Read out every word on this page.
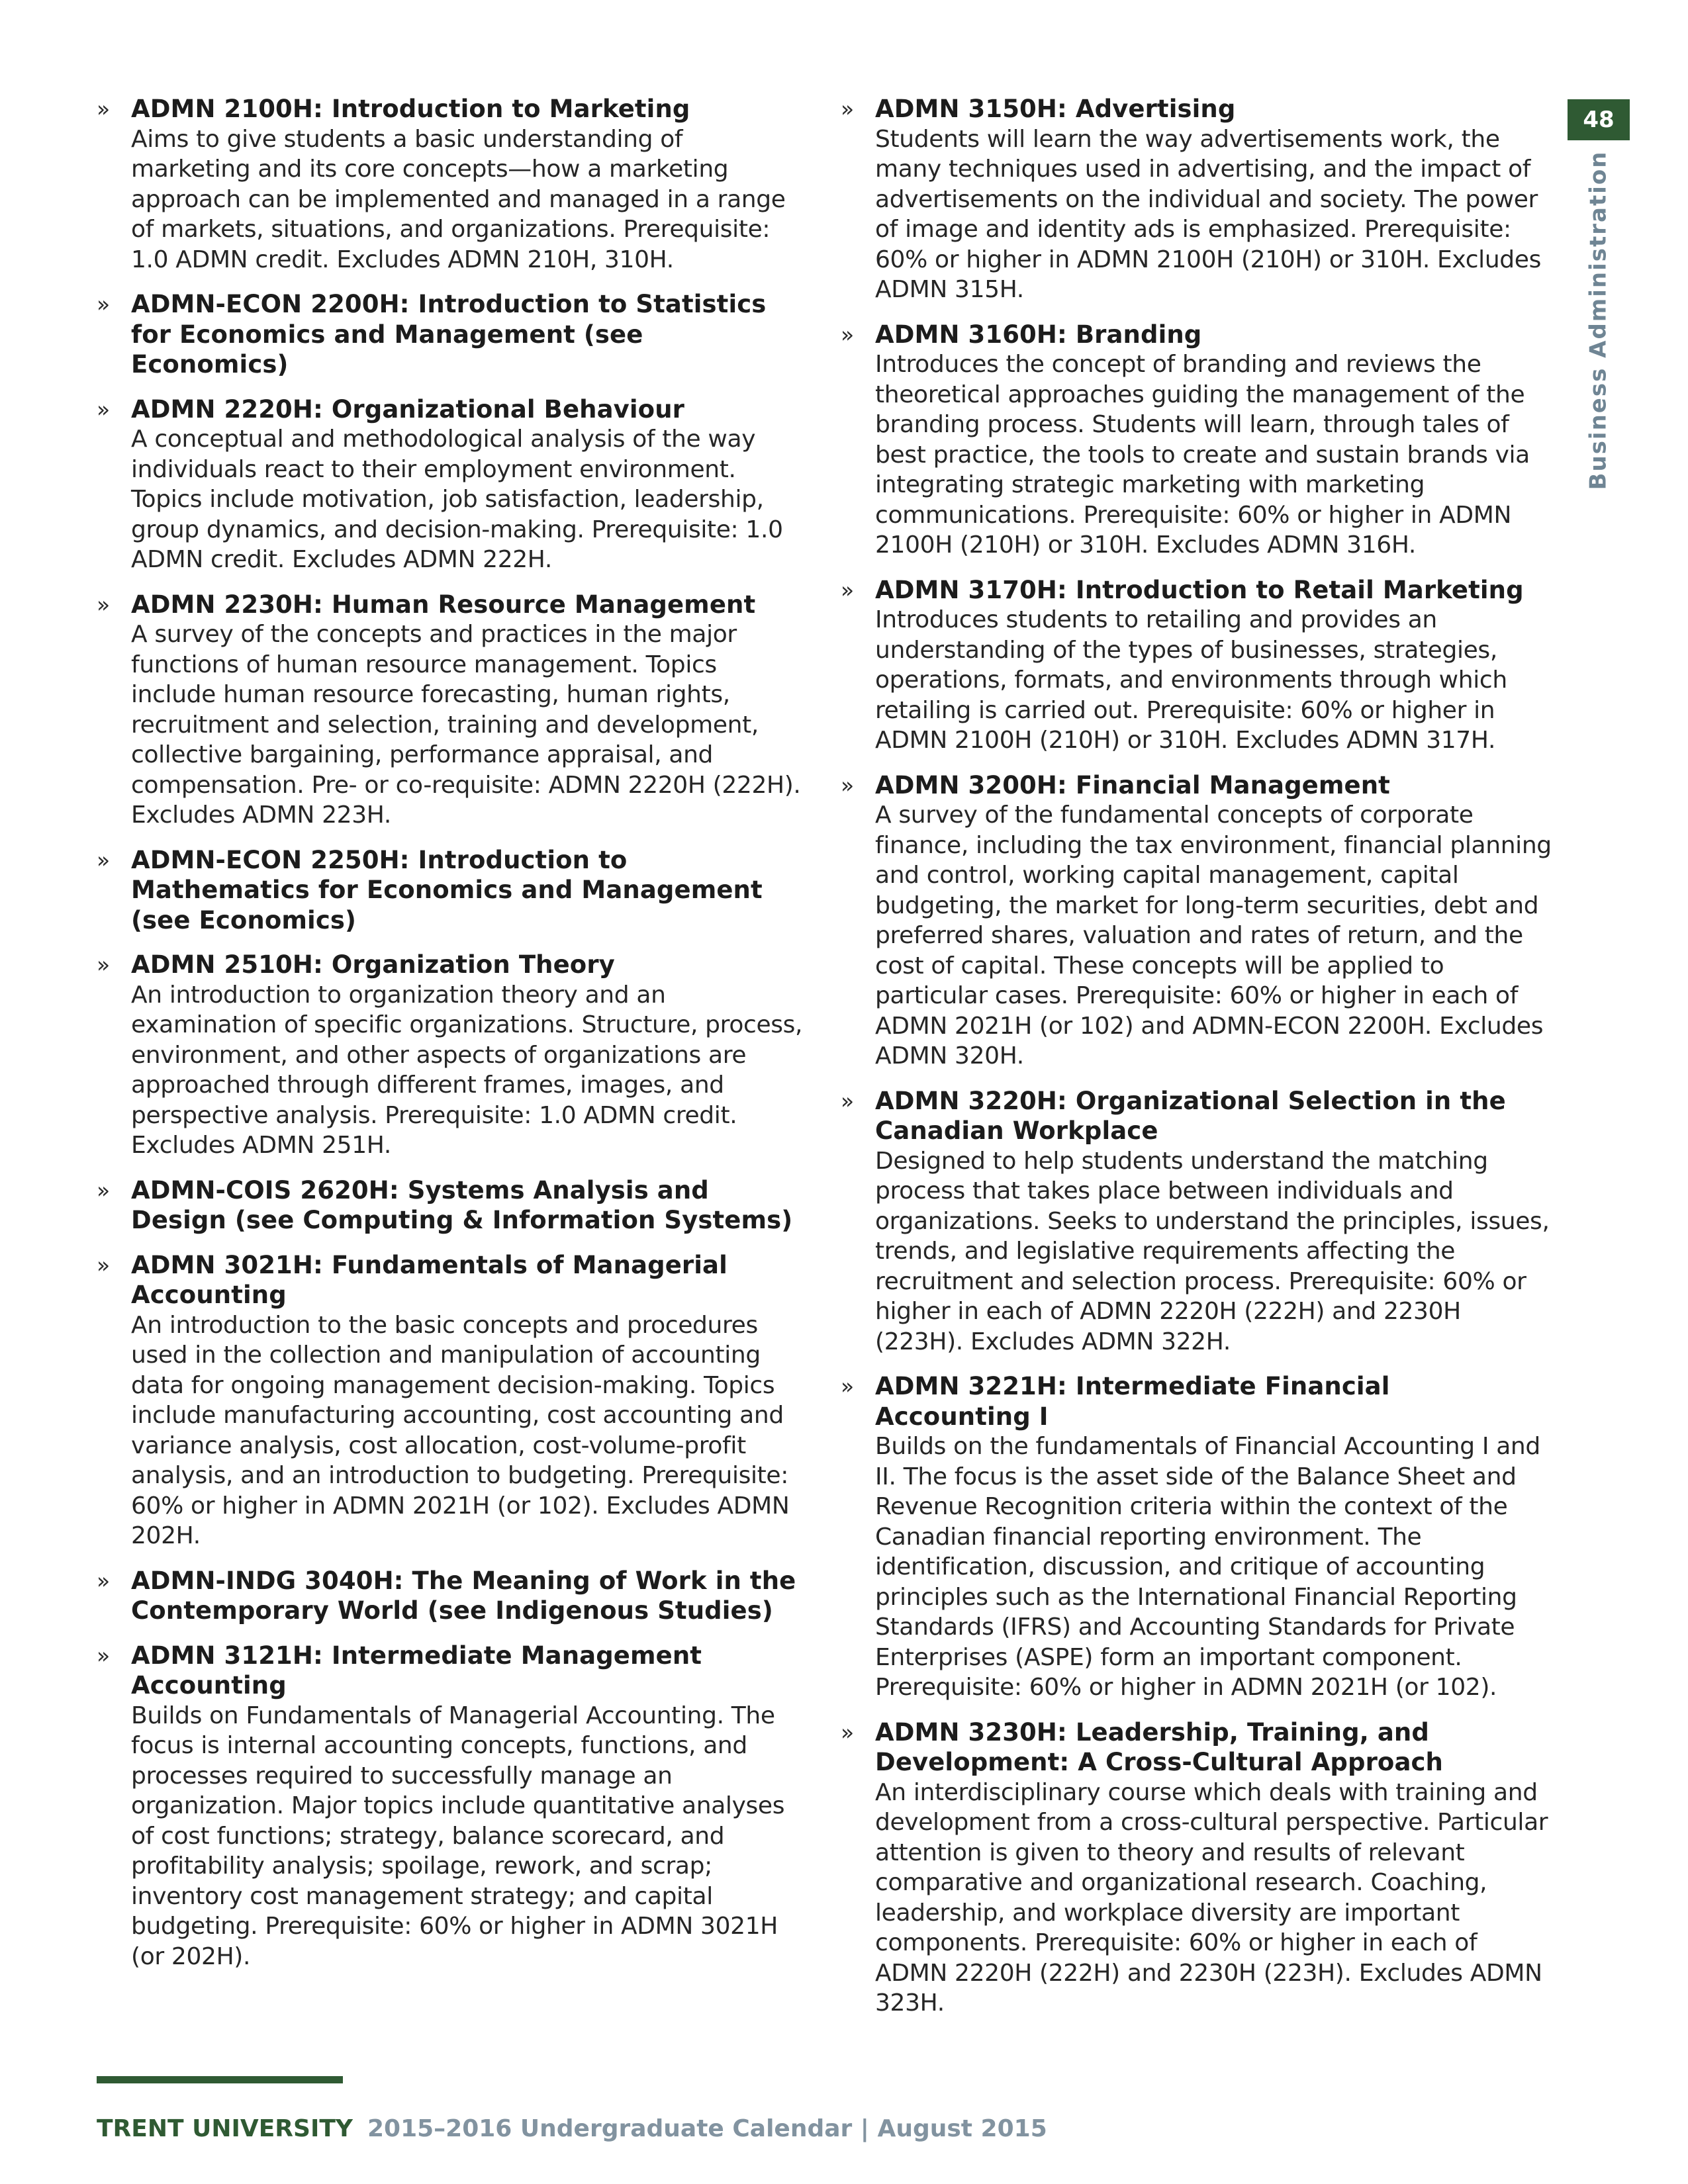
» ADMN 2100H: Introduction to Marketing
Aims to give students a basic understanding of marketing and its core concepts—how a marketing approach can be implemented and managed in a range of markets, situations, and organizations. Prerequisite: 1.0 ADMN credit. Excludes ADMN 210H, 310H.
» ADMN-ECON 2200H: Introduction to Statistics for Economics and Management (see Economics)
» ADMN 2220H: Organizational Behaviour
A conceptual and methodological analysis of the way individuals react to their employment environment. Topics include motivation, job satisfaction, leadership, group dynamics, and decision-making. Prerequisite: 1.0 ADMN credit. Excludes ADMN 222H.
» ADMN 2230H: Human Resource Management
A survey of the concepts and practices in the major functions of human resource management. Topics include human resource forecasting, human rights, recruitment and selection, training and development, collective bargaining, performance appraisal, and compensation. Pre- or co-requisite: ADMN 2220H (222H). Excludes ADMN 223H.
» ADMN-ECON 2250H: Introduction to Mathematics for Economics and Management (see Economics)
» ADMN 2510H: Organization Theory
An introduction to organization theory and an examination of specific organizations. Structure, process, environment, and other aspects of organizations are approached through different frames, images, and perspective analysis. Prerequisite: 1.0 ADMN credit. Excludes ADMN 251H.
» ADMN-COIS 2620H: Systems Analysis and Design (see Computing & Information Systems)
» ADMN 3021H: Fundamentals of Managerial Accounting
An introduction to the basic concepts and procedures used in the collection and manipulation of accounting data for ongoing management decision-making. Topics include manufacturing accounting, cost accounting and variance analysis, cost allocation, cost-volume-profit analysis, and an introduction to budgeting. Prerequisite: 60% or higher in ADMN 2021H (or 102). Excludes ADMN 202H.
» ADMN-INDG 3040H: The Meaning of Work in the Contemporary World (see Indigenous Studies)
» ADMN 3121H: Intermediate Management Accounting
Builds on Fundamentals of Managerial Accounting. The focus is internal accounting concepts, functions, and processes required to successfully manage an organization. Major topics include quantitative analyses of cost functions; strategy, balance scorecard, and profitability analysis; spoilage, rework, and scrap; inventory cost management strategy; and capital budgeting. Prerequisite: 60% or higher in ADMN 3021H (or 202H).
» ADMN 3150H: Advertising
Students will learn the way advertisements work, the many techniques used in advertising, and the impact of advertisements on the individual and society. The power of image and identity ads is emphasized. Prerequisite: 60% or higher in ADMN 2100H (210H) or 310H. Excludes ADMN 315H.
» ADMN 3160H: Branding
Introduces the concept of branding and reviews the theoretical approaches guiding the management of the branding process. Students will learn, through tales of best practice, the tools to create and sustain brands via integrating strategic marketing with marketing communications. Prerequisite: 60% or higher in ADMN 2100H (210H) or 310H. Excludes ADMN 316H.
» ADMN 3170H: Introduction to Retail Marketing
Introduces students to retailing and provides an understanding of the types of businesses, strategies, operations, formats, and environments through which retailing is carried out. Prerequisite: 60% or higher in ADMN 2100H (210H) or 310H. Excludes ADMN 317H.
» ADMN 3200H: Financial Management
A survey of the fundamental concepts of corporate finance, including the tax environment, financial planning and control, working capital management, capital budgeting, the market for long-term securities, debt and preferred shares, valuation and rates of return, and the cost of capital. These concepts will be applied to particular cases. Prerequisite: 60% or higher in each of ADMN 2021H (or 102) and ADMN-ECON 2200H. Excludes ADMN 320H.
» ADMN 3220H: Organizational Selection in the Canadian Workplace
Designed to help students understand the matching process that takes place between individuals and organizations. Seeks to understand the principles, issues, trends, and legislative requirements affecting the recruitment and selection process. Prerequisite: 60% or higher in each of ADMN 2220H (222H) and 2230H (223H). Excludes ADMN 322H.
» ADMN 3221H: Intermediate Financial Accounting I
Builds on the fundamentals of Financial Accounting I and II. The focus is the asset side of the Balance Sheet and Revenue Recognition criteria within the context of the Canadian financial reporting environment. The identification, discussion, and critique of accounting principles such as the International Financial Reporting Standards (IFRS) and Accounting Standards for Private Enterprises (ASPE) form an important component. Prerequisite: 60% or higher in ADMN 2021H (or 102).
» ADMN 3230H: Leadership, Training, and Development: A Cross-Cultural Approach
An interdisciplinary course which deals with training and development from a cross-cultural perspective. Particular attention is given to theory and results of relevant comparative and organizational research. Coaching, leadership, and workplace diversity are important components. Prerequisite: 60% or higher in each of ADMN 2220H (222H) and 2230H (223H). Excludes ADMN 323H.
48
Business Administration
TRENT UNIVERSITY 2015–2016 Undergraduate Calendar | August 2015
